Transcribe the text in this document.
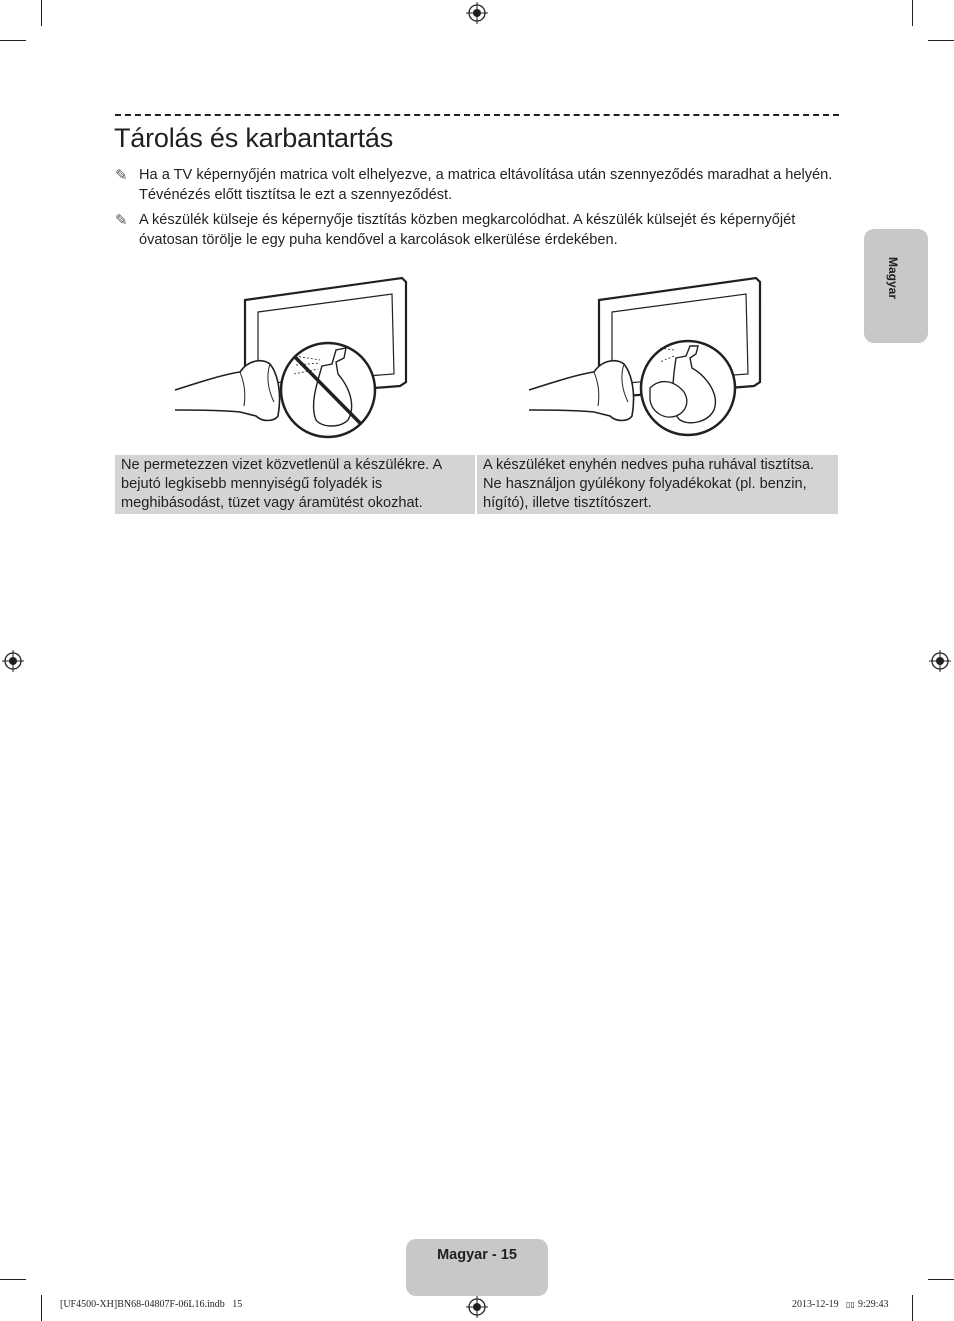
Tárolás és karbantartás
✎ Ha a TV képernyőjén matrica volt elhelyezve, a matrica eltávolítása után szennyeződés maradhat a helyén. Tévénézés előtt tisztítsa le ezt a szennyeződést.
✎ A készülék külseje és képernyője tisztítás közben megkarcolódhat. A készülék külsejét és képernyőjét óvatosan törölje le egy puha kendővel a karcolások elkerülése érdekében.
Magyar
Ne permetezzen vizet közvetlenül a készülékre. A bejutó legkisebb mennyiségű folyadék is meghibásodást, tüzet vagy áramütést okozhat.
A készüléket enyhén nedves puha ruhával tisztítsa. Ne használjon gyúlékony folyadékokat (pl. benzin, hígító), illetve tisztítószert.
Magyar - 15
[UF4500-XH]BN68-04807F-06L16.indb   15	2013-12-19 ▯▯ 9:29:43
